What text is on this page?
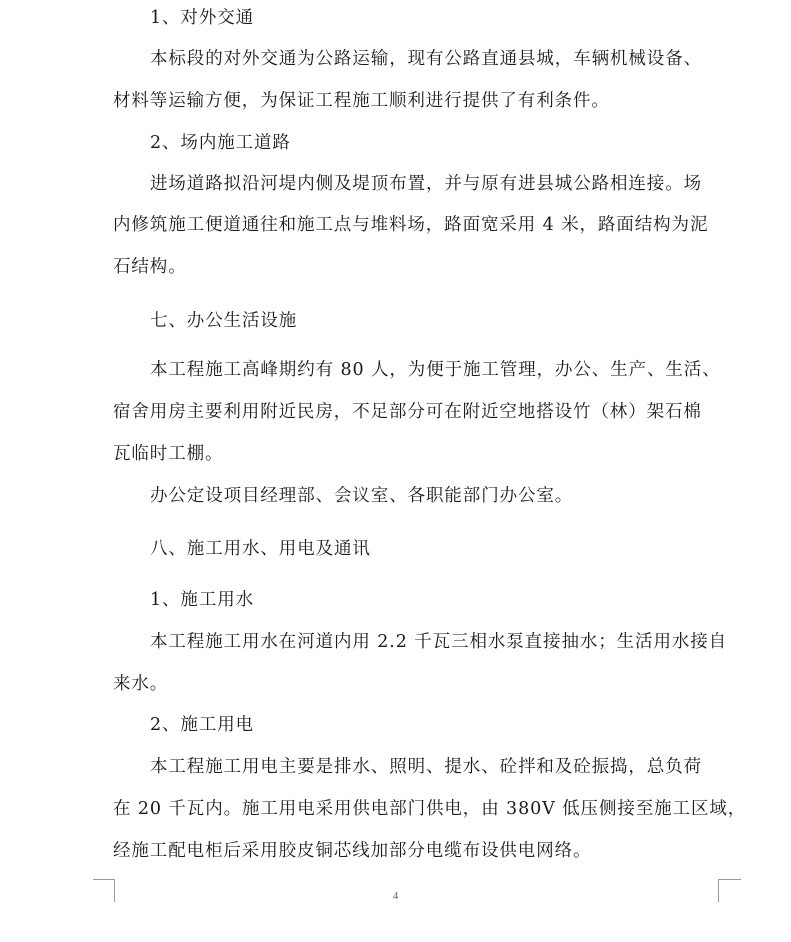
1、对外交通
本标段的对外交通为公路运输，现有公路直通县城，车辆机械设备、
材料等运输方便，为保证工程施工顺利进行提供了有利条件。
2、场内施工道路
进场道路拟沿河堤内侧及堤顶布置，并与原有进县城公路相连接。场
内修筑施工便道通往和施工点与堆料场，路面宽采用 4 米，路面结构为泥
石结构。
七、办公生活设施
本工程施工高峰期约有 80 人，为便于施工管理，办公、生产、生活、
宿舍用房主要利用附近民房，不足部分可在附近空地搭设竹（林）架石棉
瓦临时工棚。
办公定设项目经理部、会议室、各职能部门办公室。
八、施工用水、用电及通讯
1、施工用水
本工程施工用水在河道内用 2.2 千瓦三相水泵直接抽水；生活用水接自
来水。
2、施工用电
本工程施工用电主要是排水、照明、提水、砼拌和及砼振捣，总负荷
在 20 千瓦内。施工用电采用供电部门供电，由 380V 低压侧接至施工区域，
经施工配电柜后采用胶皮铜芯线加部分电缆布设供电网络。
4
